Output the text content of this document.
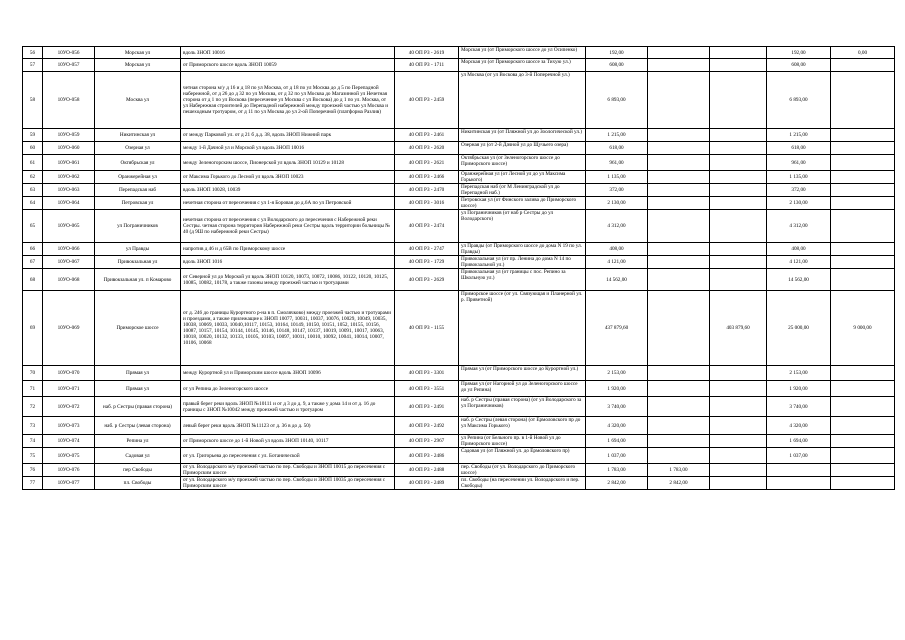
56	10УО-056	Морская ул	вдоль ЗНОП 10016	40 ОП РЗ - 2619	Морская ул (от Приморского шоссе до ул Осипенко)	192,00			192,00	0,00
57	10УО-057	Морская ул	от Приморского шоссе вдоль ЗНОП 10059	40 ОП РЗ - 1711	Морская ул (от Приморского шоссе за Тихую ул.)	608,00			608,00	
58	10УО-058	Москва ул	четная сторона м/у д 16 и д 18 по ул Москва, от д 18 по ул Москва до д 5 по Перепадной набережной, от д 26 до д 32 по ул Москва, от д 32 по ул Москва до Магазинной ул Нечетная сторона от д 1 по ул Воскова (пересечение ул Москва с ул Воскова) до д 1 по ул. Москва, от ул Набережная строителей до Перепадной набережной между проезжей частью ул Москва и пешеходным тротуаром, от д 11 по ул Москва до ул 2-ой Поперечной (платформа Разлив)	40 ОП РЗ - 2459	ул Москва (от ул Воскова до 3-й Поперечной ул.)	6 893,00			6 893,00	
59	10УО-059	Никитинская ул	от между Парковой ул. от д 21 б д.д. 38, вдоль ЗНОП Нижний парк	40 ОП РЗ - 2461	Никитинская ул (от Пляжной ул до Зоологической ул.)	1 215,00			1 215,00	
60	10УО-060	Озерная ул	между 1-й Дачной ул и Морской ул вдоль ЗНОП 10016	40 ОП РЗ - 2620	Озерная ул (от 2-й Дачной ул до Щучьего озера)	618,00			618,00	
61	10УО-061	Октябрьская ул	между Зеленогорским шоссе, Пионерской ул вдоль ЗНОП 10129 и 10128	40 ОП РЗ - 2621	Октябрьская ул (от Зеленогорского шоссе до Приморского шоссе)	961,00			961,00	
62	10УО-062	Оранжерейная ул	от Максима Горького до Лесной ул вдоль ЗНОП 10023	40 ОП РЗ - 2466	Оранжерейная ул (от Лесной ул до ул Максима Горького)	1 135,00			1 135,00	
63	10УО-063	Перепадская наб	вдоль ЗНОП 10028, 10039	40 ОП РЗ - 2470	Перепадская наб (от М Ленинградской ул до Перепадной наб.)	372,00			372,00	
64	10УО-064	Петровская ул	нечетная сторона от пересечения с ул 1-я Боровая до д.6А по ул Петровской	40 ОП РЗ - 3016	Петровская ул (от Финского залива до Приморского шоссе)	2 130,00			2 130,00	
65	10УО-065	ул Пограничников	нечетная сторона от пересечения с ул Володарского до пересечения с Набережной реки Сестры. четная сторона территория Набережной реки Сестры вдоль территории больницы № 40 (д 9Ш по набережной реки Сестры)	40 ОП РЗ - 2474	ул Пограничников (от наб р Сестры до ул Володарского)	4 312,00			4 312,00	
66	10УО-066	ул Правды	напротив д 46 и д 65В по Приморскому шоссе	40 ОП РЗ - 2747	ул Правды (от Приморского шоссе до дома N 19 по ул. Правды)	408,00			408,00	
67	10УО-067	Привокзальная ул	вдоль ЗНОП 1016	40 ОП РЗ - 1729	Привокзальная ул (от пр. Ленина до дома N 14 по Привокзальной ул.)	4 121,00			4 121,00	
68	10УО-068	Привокзальная ул. п Комарово	от Северной ул до Морской ул вдоль ЗНОП 10120, 10073, 10072, 10086, 10122, 10120, 10125, 10085, 10082, 10178, а также газоны между проезжей частью и тротуарами	40 ОП РЗ - 2629	Привокзальная ул (от границы с пос. Репино за Школьную ул.)	14 562,00			14 562,00	
69	10УО-069	Приморское шоссе	от д. 246 до границы Курортного р-на в п. Смолячково) между проезжей частью и тротуарами и проездами, а также прилежащие к ЗНОП 10077, 10031, 10037, 10076, 10029, 10049, 10035, 10038, 10069, 10033, 10040,10117, 10153, 10164, 10149, 10150, 10151, 1052, 10155, 10156, 10087, 10157, 10154, 10144, 10145, 10146, 10148, 10147, 10137, 10019, 10091, 10017, 10063, 10018, 10020, 10132, 10133, 10105, 10103, 10097, 10011, 10010, 10092, 10041, 10014, 10007, 10106, 10068	40 ОП РЗ - 1155	Приморское шоссе (от ул. Связующая и Планерной ул. р. Приветной)	437 879,60		403 879,60	25 000,00	9 000,00
70	10УО-070	Прямая ул	между Курортной ул и Приморским шоссе вдоль ЗНОП 10096	40 ОП РЗ - 3301	Прямая ул (от Приморского шоссе до Курортной ул.)	2 153,00			2 153,00	
71	10УО-071	Прямая ул	от ул Репина до Зеленогорского шоссе	40 ОП РЗ - 3551	Прямая ул (от Нагорной ул до Зеленогорского шоссе до ул Репина)	1 920,00			1 920,00	
72	10УО-072	наб. р Сестры (правая сторона)	правый берег реки вдоль ЗНОП №10111 и от д 3 до д. 9, а также у дома 14 и от д. 16 до границы с ЗНОП №10042 между проезжей частью и тротуаром	40 ОП РЗ - 2491	наб. р Сестры (правая сторона) (от ул Володарского за ул Пограничников)	3 740,00			3 740,00	
73	10УО-073	наб. р Сестры (левая сторона)	левый берег реки вдоль ЗНОП №11123 от д. 36 в до д. 50)	40 ОП РЗ - 2492	наб. р Сестры (левая сторона) (от Ермоловского пр до ул Максима Горького)	4 320,00			4 320,00	
74	10УО-074	Репина ул	от Приморского шоссе до 1-й Новой ул вдоль ЗНОП 10140, 10117	40 ОП РЗ - 2967	ул Репина (от Бельного пр. в 1-й Новой ул до Приморского шоссе)	1 694,00			1 694,00	
75	10УО-075	Садовая ул	от ул. Григорьева до пересечения с ул. Ботанической	40 ОП РЗ - 2486	Садовая ул (от Пляжной ул. до Ермоловского пр)	1 037,00			1 037,00	
76	10УО-076	пер Свободы	от ул. Володарского м/у проезжей частью по пер. Свободы и ЗНОП 10015 до пересечения с Приморским шоссе	40 ОП РЗ - 2488	пер. Свободы (от ул. Володарского до Приморского шоссе)	1 783,00	1 783,00			
77	10УО-077	пл. Свободы	от ул. Володарского м/у проезжей частью по пер. Свободы и ЗНОП 10035 до пересечения с Приморским шоссе	40 ОП РЗ - 2489	пл. Свободы (на пересечении ул. Володарского и пер. Свободы)	2 842,00	2 842,00			
